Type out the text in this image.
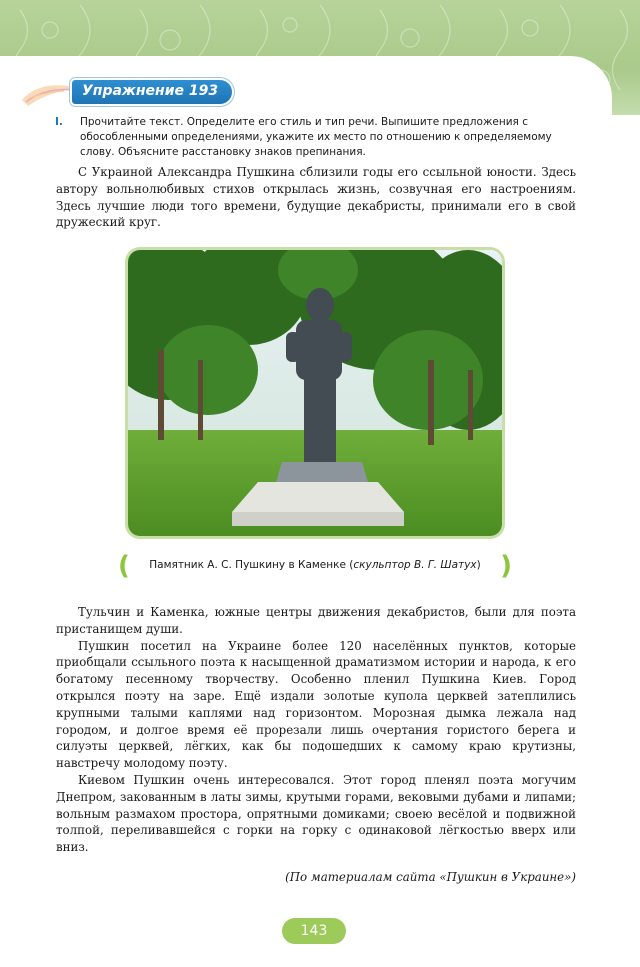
Упражнение 193
I. Прочитайте текст. Определите его стиль и тип речи. Выпишите предложения с обособленными определениями, укажите их место по отношению к определяемому слову. Объясните расстановку знаков препинания.

С Украиной Александра Пушкина сблизили годы его ссыльной юности. Здесь автору вольнолюбивых стихов открылась жизнь, созвучная его настроениям. Здесь лучшие люди того времени, будущие декабристы, принимали его в свой дружеский круг.

(	Памятник А. С. Пушкину в Каменке (скульптор В. Г. Шатух) )

Тульчин и Каменка, южные центры движения декабристов, были для поэта пристанищем души.

Пушкин посетил на Украине более 120 населённых пунктов, которые приобщали ссыльного поэта к насыщенной драматизмом истории и народа, к его богатому песенному творчеству. Особенно пленил Пушкина Киев. Город открылся поэту на заре. Ещё издали золотые купола церквей затеплились крупными талыми каплями над горизонтом. Морозная дымка лежала над городом, и долгое время её прорезали лишь очертания гористого берега и силуэты церквей, лёгких, как бы подошедших к самому краю крутизны, навстречу молодому поэту.

Киевом Пушкин очень интересовался. Этот город пленял поэта могучим Днепром, закованным в латы зимы, крутыми горами, вековыми дубами и липами; вольным размахом простора, опрятными домиками; своею весёлой и подвижной толпой, переливавшейся с горки на горку с одинаковой лёгкостью вверх или вниз.

(По материалам сайта «Пушкин в Украине»)
143
